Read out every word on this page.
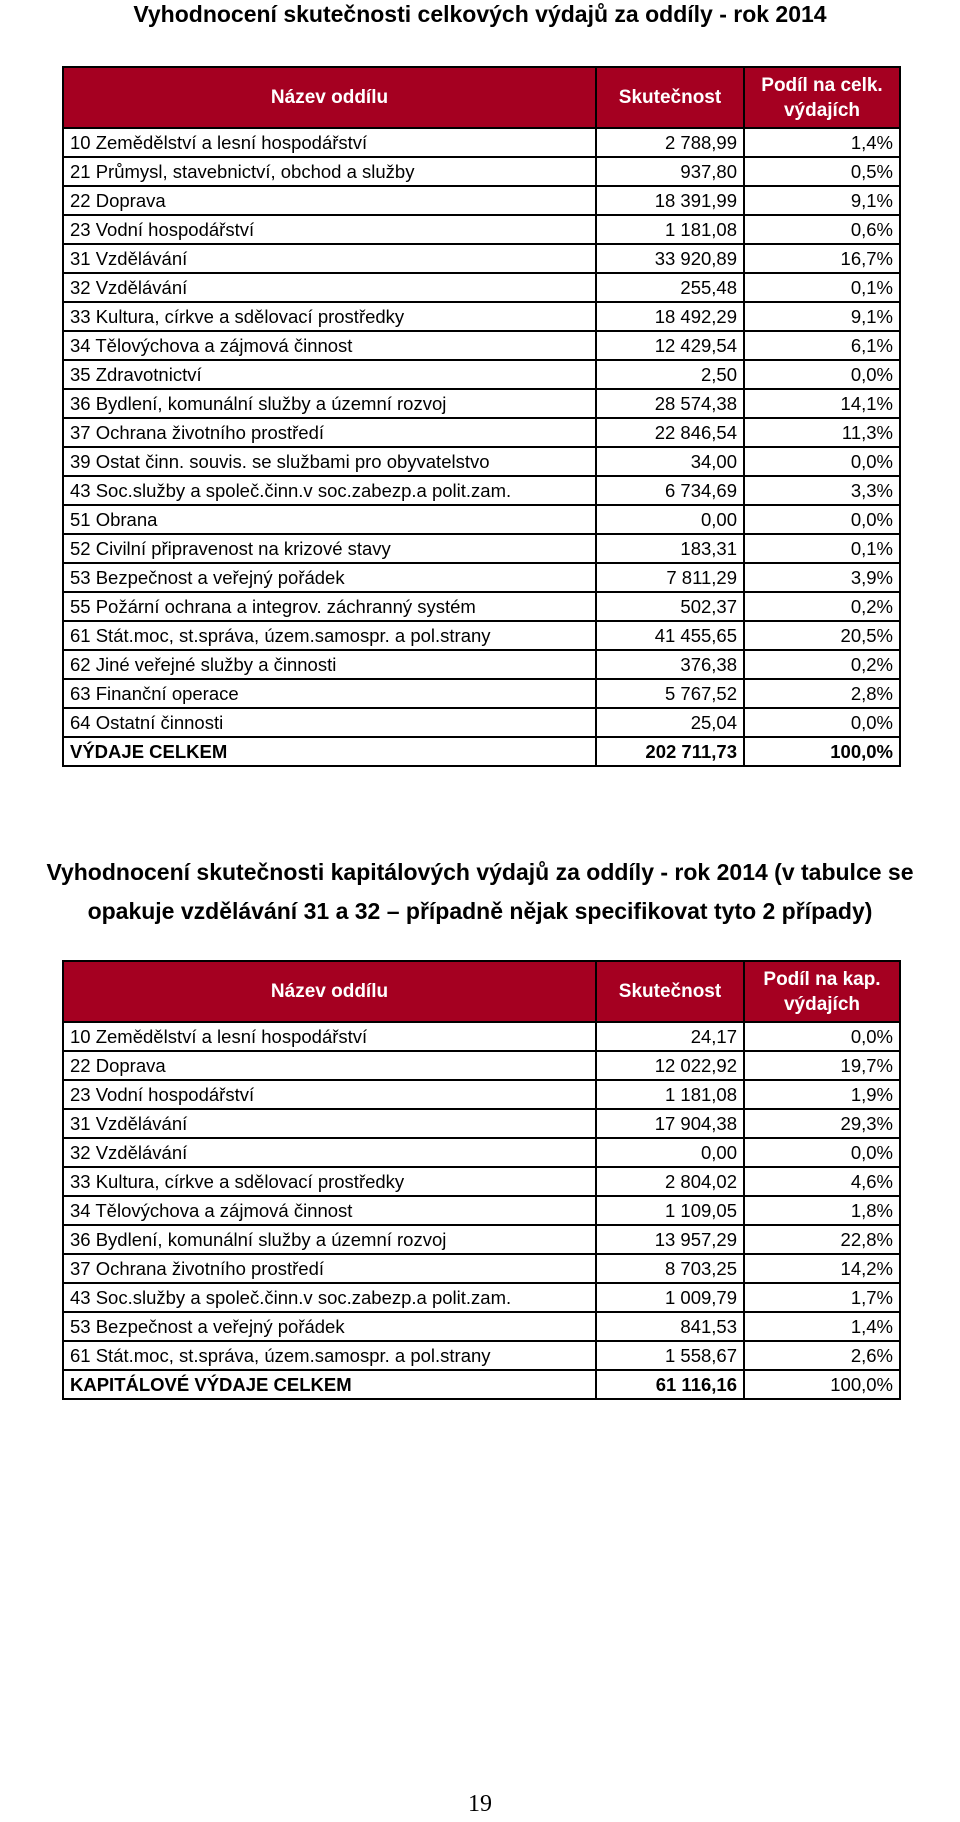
Vyhodnocení skutečnosti celkových výdajů za oddíly - rok 2014
Název oddílu	Skutečnost	Podíl na celk.
výdajích
10 Zemědělství a lesní hospodářství	2 788,99	1,4%
21 Průmysl, stavebnictví, obchod a služby	937,80	0,5%
22 Doprava	18 391,99	9,1%
23 Vodní hospodářství	1 181,08	0,6%
31 Vzdělávání	33 920,89	16,7%
32 Vzdělávání	255,48	0,1%
33 Kultura, církve a sdělovací prostředky	18 492,29	9,1%
34 Tělovýchova a zájmová činnost	12 429,54	6,1%
35 Zdravotnictví	2,50	0,0%
36 Bydlení, komunální služby a územní rozvoj	28 574,38	14,1%
37 Ochrana životního prostředí	22 846,54	11,3%
39 Ostat činn. souvis. se službami pro obyvatelstvo	34,00	0,0%
43 Soc.služby a společ.činn.v soc.zabezp.a polit.zam.	6 734,69	3,3%
51 Obrana	0,00	0,0%
52 Civilní připravenost na krizové stavy	183,31	0,1%
53 Bezpečnost a veřejný pořádek	7 811,29	3,9%
55 Požární ochrana a integrov. záchranný systém	502,37	0,2%
61 Stát.moc, st.správa, územ.samospr. a pol.strany	41 455,65	20,5%
62 Jiné veřejné služby a činnosti	376,38	0,2%
63 Finanční operace	5 767,52	2,8%
64 Ostatní činnosti	25,04	0,0%
VÝDAJE CELKEM	202 711,73	100,0%
Vyhodnocení skutečnosti kapitálových výdajů za oddíly - rok 2014 (v tabulce se
opakuje vzdělávání 31 a 32 – případně nějak specifikovat tyto 2 případy)
Název oddílu	Skutečnost	Podíl na kap.
výdajích
10 Zemědělství a lesní hospodářství	24,17	0,0%
22 Doprava	12 022,92	19,7%
23 Vodní hospodářství	1 181,08	1,9%
31 Vzdělávání	17 904,38	29,3%
32 Vzdělávání	0,00	0,0%
33 Kultura, církve a sdělovací prostředky	2 804,02	4,6%
34 Tělovýchova a zájmová činnost	1 109,05	1,8%
36 Bydlení, komunální služby a územní rozvoj	13 957,29	22,8%
37 Ochrana životního prostředí	8 703,25	14,2%
43 Soc.služby a společ.činn.v soc.zabezp.a polit.zam.	1 009,79	1,7%
53 Bezpečnost a veřejný pořádek	841,53	1,4%
61 Stát.moc, st.správa, územ.samospr. a pol.strany	1 558,67	2,6%
KAPITÁLOVÉ VÝDAJE CELKEM	61 116,16	100,0%
19
